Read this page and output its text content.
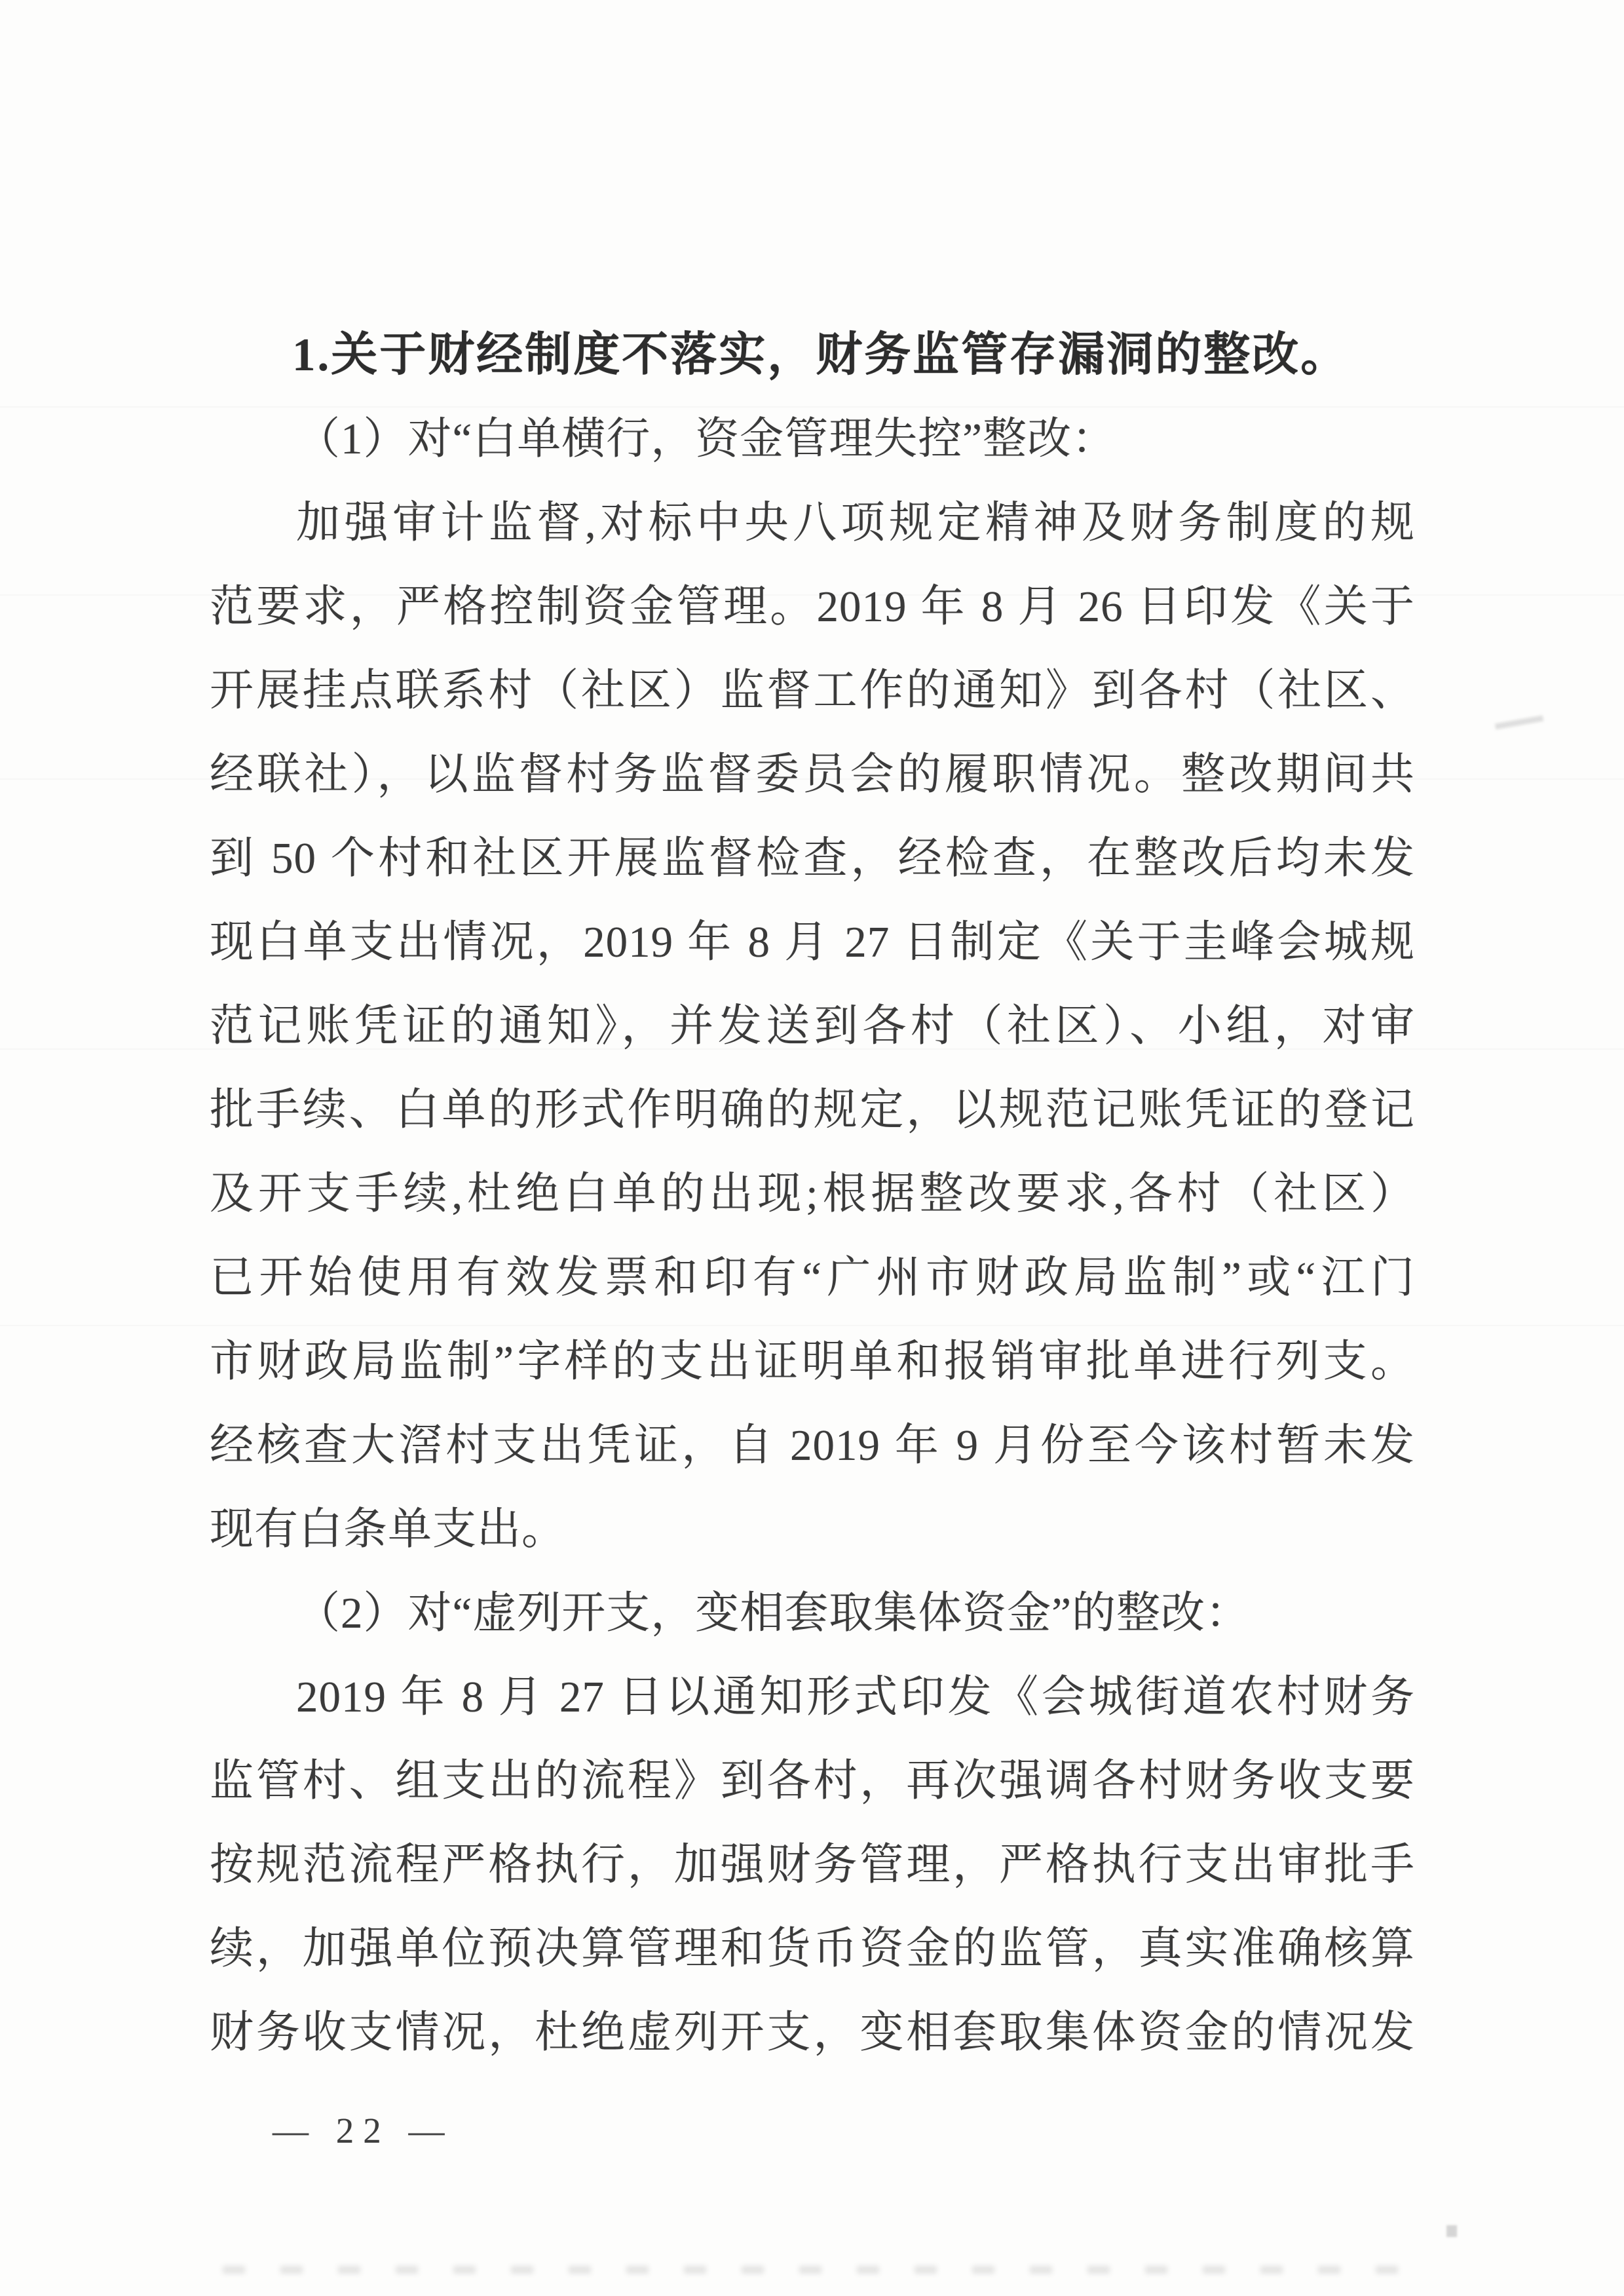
1.关于财经制度不落实，财务监管存漏洞的整改。
（1）对“白单横行，资金管理失控”整改：
加强审计监督,对标中央八项规定精神及财务制度的规
范要求，严格控制资金管理。2019 年 8 月 26 日印发《关于
开展挂点联系村（社区）监督工作的通知》到各村（社区、
经联社），以监督村务监督委员会的履职情况。整改期间共
到 50 个村和社区开展监督检查，经检查，在整改后均未发
现白单支出情况，2019 年 8 月 27 日制定《关于圭峰会城规
范记账凭证的通知》，并发送到各村（社区）、小组，对审
批手续、白单的形式作明确的规定，以规范记账凭证的登记
及开支手续,杜绝白单的出现;根据整改要求,各村（社区）
已开始使用有效发票和印有“广州市财政局监制”或“江门
市财政局监制”字样的支出证明单和报销审批单进行列支。
经核查大滘村支出凭证，自 2019 年 9 月份至今该村暂未发
现有白条单支出。
（2）对“虚列开支，变相套取集体资金”的整改：
2019 年 8 月 27 日以通知形式印发《会城街道农村财务
监管村、组支出的流程》到各村，再次强调各村财务收支要
按规范流程严格执行，加强财务管理，严格执行支出审批手
续，加强单位预决算管理和货币资金的监管，真实准确核算
财务收支情况，杜绝虚列开支，变相套取集体资金的情况发
— 22 —
